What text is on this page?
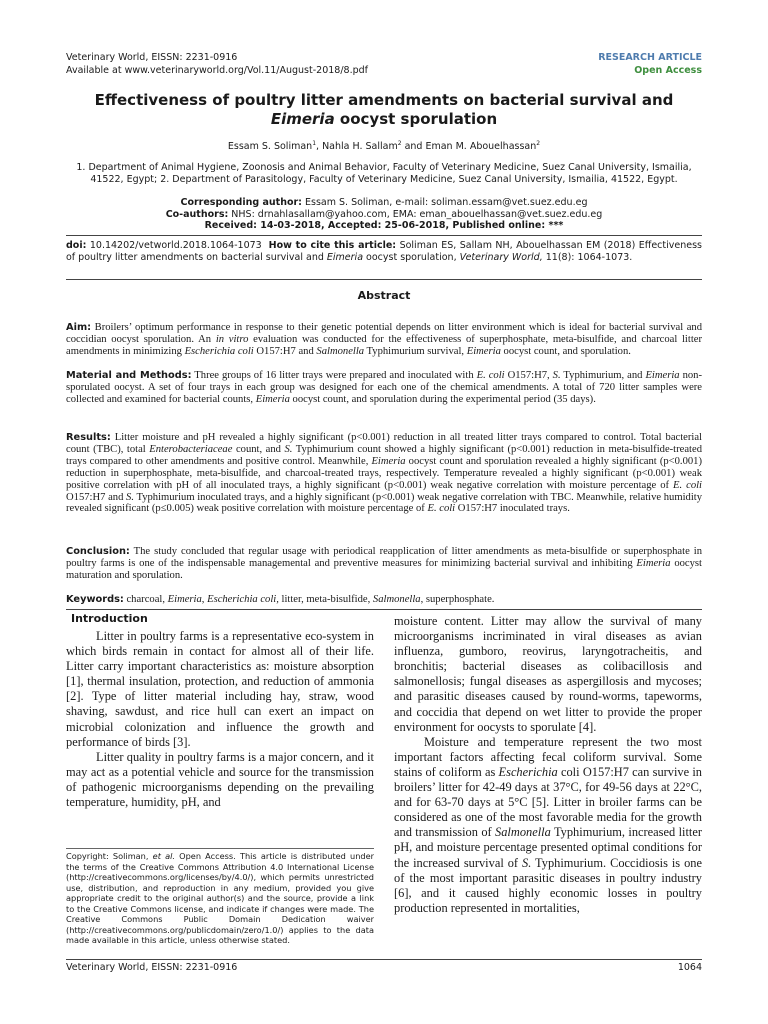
Veterinary World, EISSN: 2231-0916
Available at www.veterinaryworld.org/Vol.11/August-2018/8.pdf
RESEARCH ARTICLE
Open Access
Effectiveness of poultry litter amendments on bacterial survival and
Eimeria oocyst sporulation
Essam S. Soliman$^1$, Nahla H. Sallam$^2$ and Eman M. Abouelhassan$^2$
1. Department of Animal Hygiene, Zoonosis and Animal Behavior, Faculty of Veterinary Medicine, Suez Canal University, Ismailia, 41522, Egypt; 2. Department of Parasitology, Faculty of Veterinary Medicine, Suez Canal University, Ismailia, 41522, Egypt.
Corresponding author: Essam S. Soliman, e-mail: soliman.essam@vet.suez.edu.eg
Co-authors: NHS: drnahlasallam@yahoo.com, EMA: eman_abouelhassan@vet.suez.edu.eg
Received: 14-03-2018, Accepted: 25-06-2018, Published online: ***
doi: 10.14202/vetworld.2018.1064-1073 How to cite this article: Soliman ES, Sallam NH, Abouelhassan EM (2018) Effectiveness of poultry litter amendments on bacterial survival and Eimeria oocyst sporulation, Veterinary World, 11(8): 1064-1073.
Abstract
Aim: Broilers’ optimum performance in response to their genetic potential depends on litter environment which is ideal for bacterial survival and coccidian oocyst sporulation. An in vitro evaluation was conducted for the effectiveness of superphosphate, meta-bisulfide, and charcoal litter amendments in minimizing Escherichia coli O157:H7 and Salmonella Typhimurium survival, Eimeria oocyst count, and sporulation.
Material and Methods: Three groups of 16 litter trays were prepared and inoculated with E. coli O157:H7, S. Typhimurium, and Eimeria non-sporulated oocyst. A set of four trays in each group was designed for each one of the chemical amendments. A total of 720 litter samples were collected and examined for bacterial counts, Eimeria oocyst count, and sporulation during the experimental period (35 days).
Results: Litter moisture and pH revealed a highly significant (p<0.001) reduction in all treated litter trays compared to control. Total bacterial count (TBC), total Enterobacteriaceae count, and S. Typhimurium count showed a highly significant (p<0.001) reduction in meta-bisulfide-treated trays compared to other amendments and positive control. Meanwhile, Eimeria oocyst count and sporulation revealed a highly significant (p<0.001) reduction in superphosphate, meta-bisulfide, and charcoal-treated trays, respectively. Temperature revealed a highly significant (p<0.001) weak positive correlation with pH of all inoculated trays, a highly significant (p<0.001) weak negative correlation with moisture percentage of E. coli O157:H7 and S. Typhimurium inoculated trays, and a highly significant (p<0.001) weak negative correlation with TBC. Meanwhile, relative humidity revealed significant (p≤0.005) weak positive correlation with moisture percentage of E. coli O157:H7 inoculated trays.
Conclusion: The study concluded that regular usage with periodical reapplication of litter amendments as meta-bisulfide or superphosphate in poultry farms is one of the indispensable managemental and preventive measures for minimizing bacterial survival and inhibiting Eimeria oocyst maturation and sporulation.
Keywords: charcoal, Eimeria, Escherichia coli, litter, meta-bisulfide, Salmonella, superphosphate.
Introduction

Litter in poultry farms is a representative eco-system in which birds remain in contact for almost all of their life. Litter carry important characteristics as: moisture absorption [1], thermal insulation, protection, and reduction of ammonia [2]. Type of litter material including hay, straw, wood shaving, sawdust, and rice hull can exert an impact on microbial colonization and influence the growth and performance of birds [3].

Litter quality in poultry farms is a major concern, and it may act as a potential vehicle and source for the transmission of pathogenic microorganisms depending on the prevailing temperature, humidity, pH, and

moisture content. Litter may allow the survival of many microorganisms incriminated in viral diseases as avian influenza, gumboro, reovirus, laryngotracheitis, and bronchitis; bacterial diseases as colibacillosis and salmonellosis; fungal diseases as aspergillosis and mycoses; and parasitic diseases caused by round-worms, tapeworms, and coccidia that depend on wet litter to provide the proper environment for oocysts to sporulate [4].

Moisture and temperature represent the two most important factors affecting fecal coliform survival. Some stains of coliform as Escherichia coli O157:H7 can survive in broilers’ litter for 42-49 days at 37°C, for 49-56 days at 22°C, and for 63-70 days at 5°C [5]. Litter in broiler farms can be considered as one of the most favorable media for the growth and transmission of Salmonella Typhimurium, increased litter pH, and moisture percentage presented optimal conditions for the increased survival of S. Typhimurium. Coccidiosis is one of the most important parasitic diseases in poultry industry [6], and it caused highly economic losses in poultry production represented in mortalities,

Copyright: Soliman, et al. Open Access. This article is distributed under the terms of the Creative Commons Attribution 4.0 International License (http://creativecommons.org/licenses/by/4.0/), which permits unrestricted use, distribution, and reproduction in any medium, provided you give appropriate credit to the original author(s) and the source, provide a link to the Creative Commons license, and indicate if changes were made. The Creative Commons Public Domain Dedication waiver (http://creativecommons.org/publicdomain/zero/1.0/) applies to the data made available in this article, unless otherwise stated.
Veterinary World, EISSN: 2231-0916	1064
